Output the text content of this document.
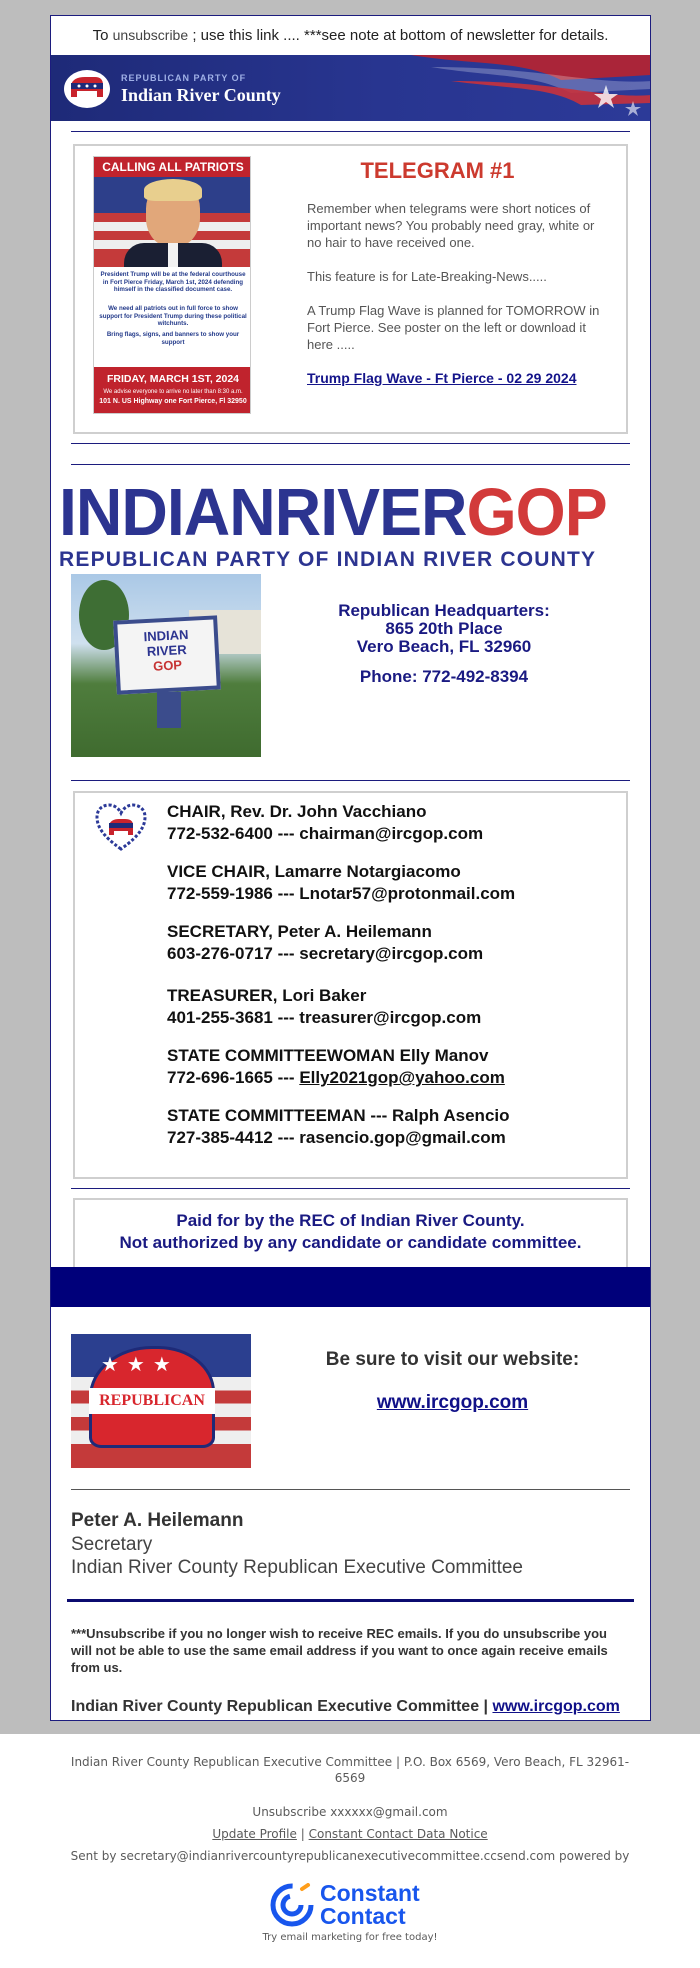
To unsubscribe ; use this link .... ***see note at bottom of newsletter for details.
REPUBLICAN PARTY OF
Indian River County
CALLING ALL PATRIOTS
President Trump will be at the federal courthouse in Fort Pierce Friday, March 1st, 2024 defending himself in the classified document case.
We need all patriots out in full force to show support for President Trump during these political witchunts.
Bring flags, signs, and banners to show your support
FRIDAY, MARCH 1ST, 2024
We advise everyone to arrive no later than 8:30 a.m.
101 N. US Highway one Fort Pierce, Fl 32950
TELEGRAM #1
Remember when telegrams were short notices of important news? You probably need gray, white or no hair to have received one.
This feature is for Late-Breaking-News.....
A Trump Flag Wave is planned for TOMORROW in Fort Pierce. See poster on the left or download it here .....
Trump Flag Wave - Ft Pierce - 02 29 2024
INDIANRIVERGOP
REPUBLICAN PARTY OF INDIAN RIVER COUNTY
INDIAN
RIVER
GOP
Republican Headquarters:
865 20th Place
Vero Beach, FL 32960
Phone: 772-492-8394
CHAIR, Rev. Dr. John Vacchiano
772-532-6400 --- chairman@ircgop.com
VICE CHAIR, Lamarre Notargiacomo
772-559-1986 --- Lnotar57@protonmail.com
SECRETARY, Peter A. Heilemann
603-276-0717 --- secretary@ircgop.com
TREASURER, Lori Baker
401-255-3681 --- treasurer@ircgop.com
STATE COMMITTEEWOMAN Elly Manov
772-696-1665 --- Elly2021gop@yahoo.com
STATE COMMITTEEMAN --- Ralph Asencio
727-385-4412 --- rasencio.gop@gmail.com
Paid for by the REC of Indian River County.
Not authorized by any candidate or candidate committee.
★★★
REPUBLICAN
Be sure to visit our website:
www.ircgop.com
Peter A. Heilemann
Secretary
Indian River County Republican Executive Committee
***Unsubscribe if you no longer wish to receive REC emails. If you do unsubscribe you will not be able to use the same email address if you want to once again receive emails from us.
Indian River County Republican Executive Committee | www.ircgop.com
Indian River County Republican Executive Committee | P.O. Box 6569, Vero Beach, FL 32961-6569
Unsubscribe xxxxxx@gmail.com
Update Profile | Constant Contact Data Notice
Sent by secretary@indianrivercountyrepublicanexecutivecommittee.ccsend.com powered by
Constant
Contact
Try email marketing for free today!
